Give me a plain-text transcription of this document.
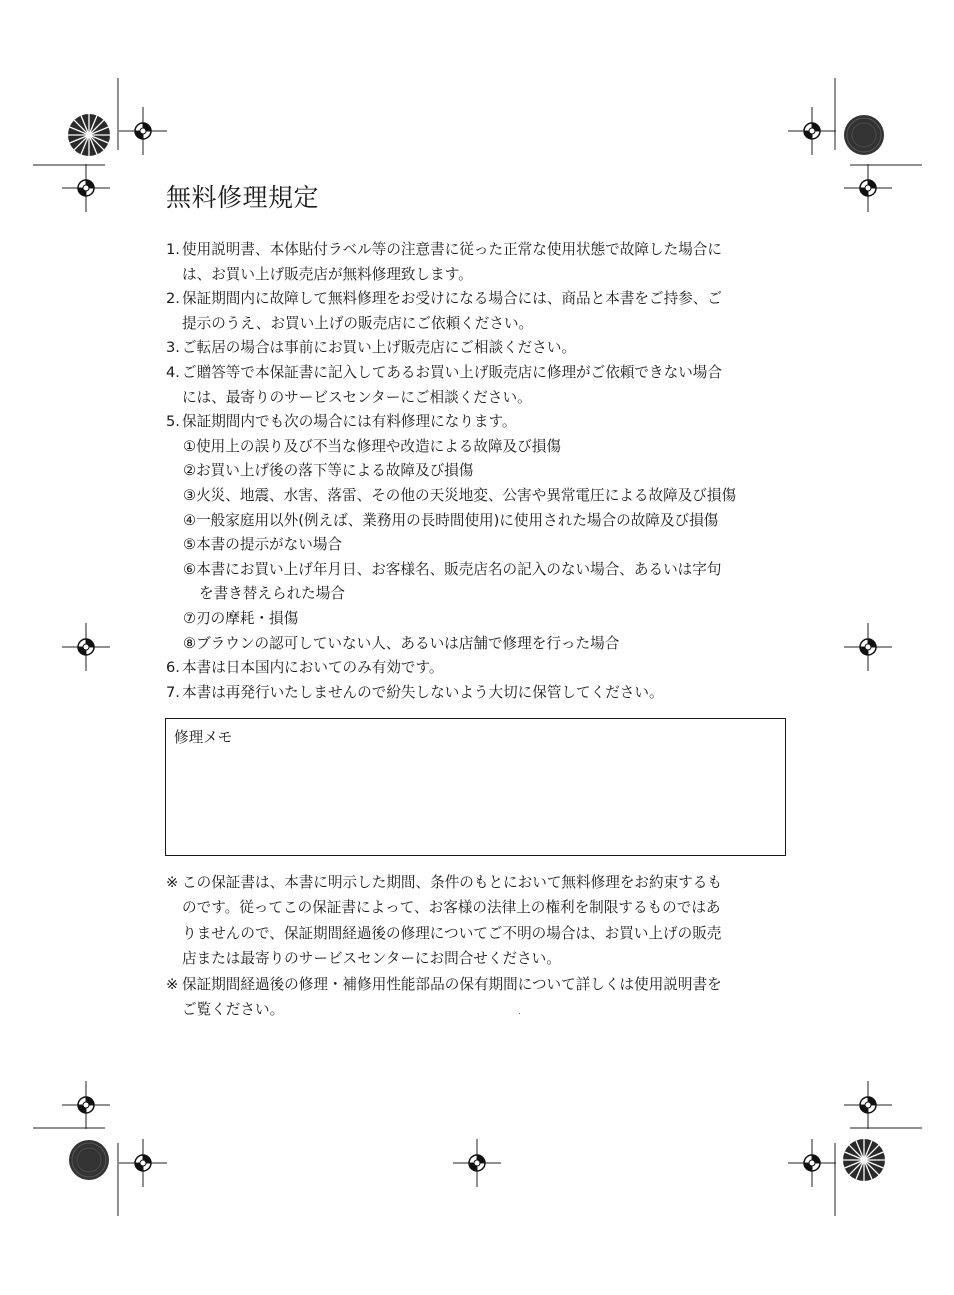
無料修理規定
1. 使用説明書、本体貼付ラベル等の注意書に従った正常な使用状態で故障した場合に
は、お買い上げ販売店が無料修理致します。
2. 保証期間内に故障して無料修理をお受けになる場合には、商品と本書をご持参、ご
提示のうえ、お買い上げの販売店にご依頼ください。
3. ご転居の場合は事前にお買い上げ販売店にご相談ください。
4. ご贈答等で本保証書に記入してあるお買い上げ販売店に修理がご依頼できない場合
には、最寄りのサービスセンターにご相談ください。
5. 保証期間内でも次の場合には有料修理になります。
①使用上の誤り及び不当な修理や改造による故障及び損傷
②お買い上げ後の落下等による故障及び損傷
③火災、地震、水害、落雷、その他の天災地変、公害や異常電圧による故障及び損傷
④一般家庭用以外(例えば、業務用の長時間使用)に使用された場合の故障及び損傷
⑤本書の提示がない場合
⑥本書にお買い上げ年月日、お客様名、販売店名の記入のない場合、あるいは字句
を書き替えられた場合
⑦刃の摩耗・損傷
⑧ブラウンの認可していない人、あるいは店舗で修理を行った場合
6. 本書は日本国内においてのみ有効です。
7. 本書は再発行いたしませんので紛失しないよう大切に保管してください。
修理メモ
※ この保証書は、本書に明示した期間、条件のもとにおいて無料修理をお約束するも
のです。従ってこの保証書によって、お客様の法律上の権利を制限するものではあ
りませんので、保証期間経過後の修理についてご不明の場合は、お買い上げの販売
店または最寄りのサービスセンターにお問合せください。
※ 保証期間経過後の修理・補修用性能部品の保有期間について詳しくは使用説明書を
ご覧ください。
